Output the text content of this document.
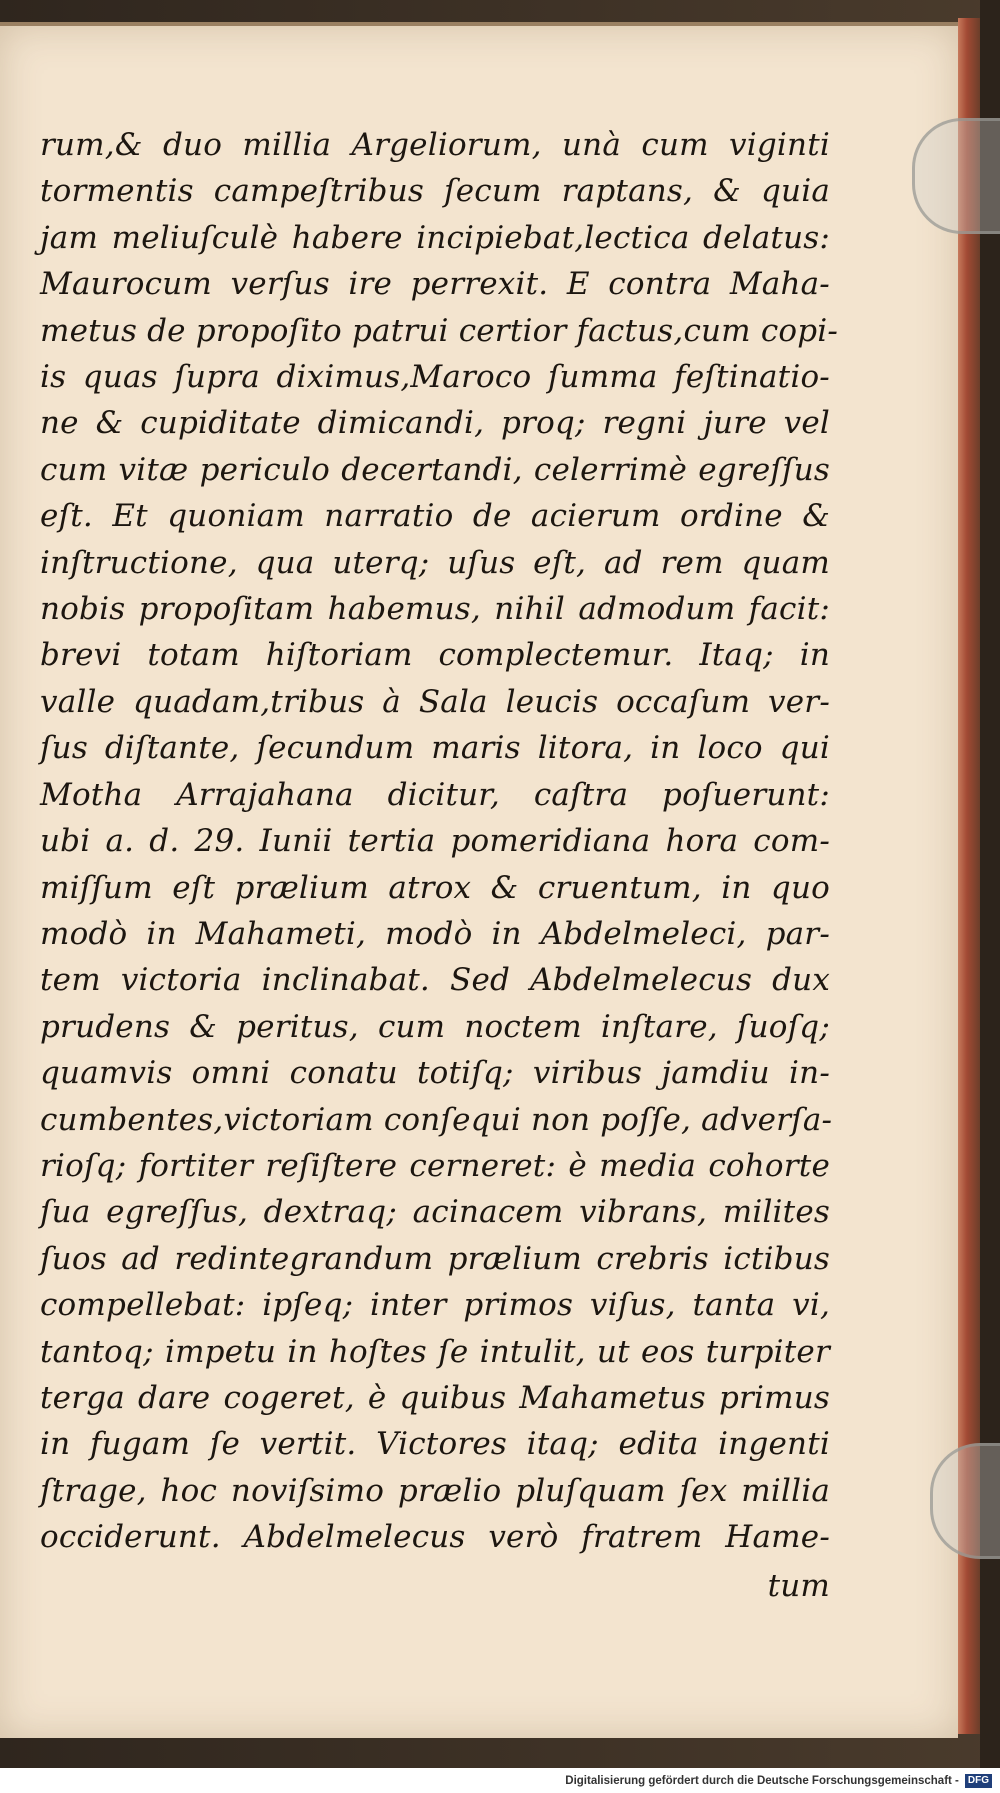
rum,& duo millia Argeliorum, unà cum viginti
tormentis campeſtribus ſecum raptans, & quia
jam meliuſculè habere incipiebat,lectica delatus:
Maurocum verſus ire perrexit. E contra Maha-
metus de propoſito patrui certior factus,cum copi-
is quas ſupra diximus,Maroco ſumma feſtinatio-
ne & cupiditate dimicandi, proq; regni jure vel
cum vitæ periculo decertandi, celerrimè egreſſus
eſt. Et quoniam narratio de acierum ordine &
inſtructione, qua uterq; uſus eſt, ad rem quam
nobis propoſitam habemus, nihil admodum facit:
brevi totam hiſtoriam complectemur. Itaq; in
valle quadam,tribus à Sala leucis occaſum ver-
ſus diſtante, ſecundum maris litora, in loco qui
Motha Arrajahana dicitur, caſtra poſuerunt:
ubi a. d. 29. Iunii tertia pomeridiana hora com-
miſſum eſt prælium atrox & cruentum, in quo
modò in Mahameti, modò in Abdelmeleci, par-
tem victoria inclinabat. Sed Abdelmelecus dux
prudens & peritus, cum noctem inſtare, ſuoſq;
quamvis omni conatu totiſq; viribus jamdiu in-
cumbentes,victoriam conſequi non poſſe, adverſa-
rioſq; fortiter reſiſtere cerneret: è media cohorte
ſua egreſſus, dextraq; acinacem vibrans, milites
ſuos ad redintegrandum prælium crebris ictibus
compellebat: ipſeq; inter primos viſus, tanta vi,
tantoq; impetu in hoſtes ſe intulit, ut eos turpiter
terga dare cogeret, è quibus Mahametus primus
in fugam ſe vertit. Victores itaq; edita ingenti
ſtrage, hoc noviſsimo prælio pluſquam ſex millia
occiderunt. Abdelmelecus verò fratrem Hame-
tum
Digitalisierung gefördert durch die Deutsche Forschungsgemeinschaft - DFG
